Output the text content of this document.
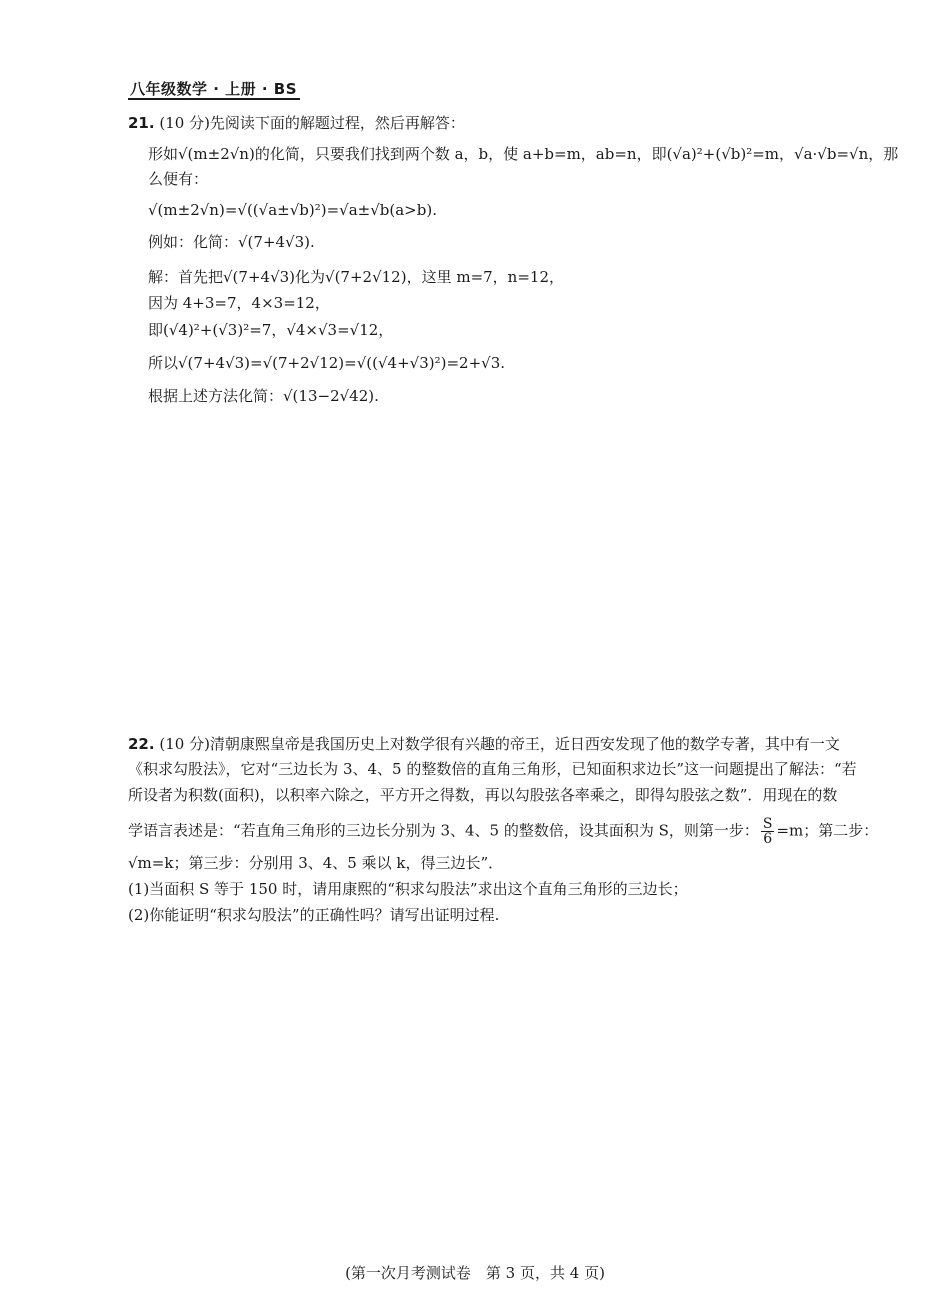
八年级数学 · 上册 · BS
21. (10 分)先阅读下面的解题过程，然后再解答：
形如√(m±2√n)的化简，只要我们找到两个数 a，b，使 a+b=m，ab=n，即(√a)²+(√b)²=m，√a·√b=√n，那
么便有：
√(m±2√n)=√((√a±√b)²)=√a±√b(a>b).
例如：化简：√(7+4√3).
解：首先把√(7+4√3)化为√(7+2√12)，这里 m=7，n=12，
因为 4+3=7，4×3=12，
即(√4)²+(√3)²=7，√4×√3=√12，
所以√(7+4√3)=√(7+2√12)=√((√4+√3)²)=2+√3.
根据上述方法化简：√(13−2√42).
22. (10 分)清朝康熙皇帝是我国历史上对数学很有兴趣的帝王，近日西安发现了他的数学专著，其中有一文
《积求勾股法》，它对“三边长为 3、4、5 的整数倍的直角三角形，已知面积求边长”这一问题提出了解法：“若
所设者为积数(面积)，以积率六除之，平方开之得数，再以勾股弦各率乘之，即得勾股弦之数”．用现在的数
学语言表述是：“若直角三角形的三边长分别为 3、4、5 的整数倍，设其面积为 S，则第一步： $\frac{S}{6} =m$；第二步：
√m=k；第三步：分别用 3、4、5 乘以 k，得三边长”．
(1)当面积 S 等于 150 时，请用康熙的“积求勾股法”求出这个直角三角形的三边长；
(2)你能证明“积求勾股法”的正确性吗？请写出证明过程.
(第一次月考测试卷　第 3 页，共 4 页)
